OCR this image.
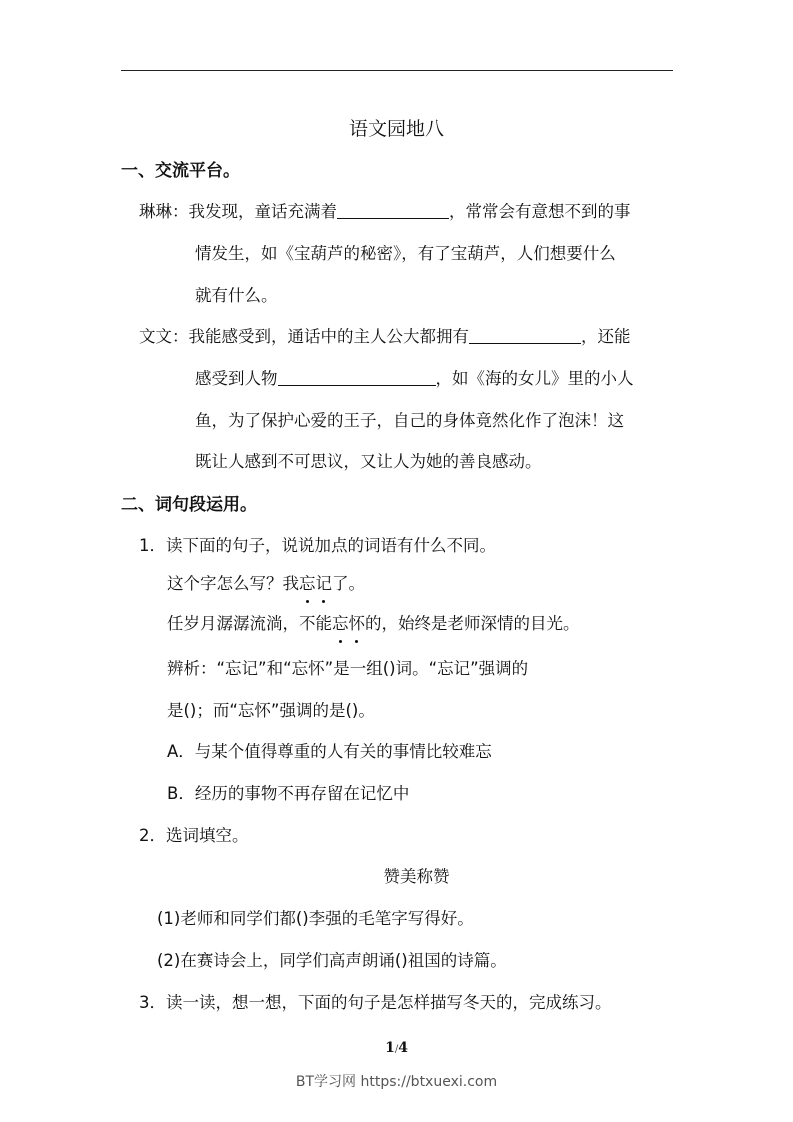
语文园地八
一、交流平台。
琳琳：我发现，童话充满着	，常常会有意想不到的事
情发生，如《宝葫芦的秘密》，有了宝葫芦，人们想要什么
就有什么。
文文：我能感受到，通话中的主人公大都拥有	，还能
感受到人物	，如《海的女儿》里的小人
鱼，为了保护心爱的王子，自己的身体竟然化作了泡沫！这
既让人感到不可思议，又让人为她的善良感动。
二、词句段运用。
1．读下面的句子，说说加点的词语有什么不同。
这个字怎么写？我忘记了。
任岁月潺潺流淌，不能忘怀的，始终是老师深情的目光。
辨析：“忘记”和“忘怀”是一组()词。“忘记”强调的
是()；而“忘怀”强调的是()。
A．与某个值得尊重的人有关的事情比较难忘
B．经历的事物不再存留在记忆中
2．选词填空。
赞美称赞
(1)老师和同学们都()李强的毛笔字写得好。
(2)在赛诗会上，同学们高声朗诵()祖国的诗篇。
3．读一读，想一想，下面的句子是怎样描写冬天的，完成练习。
1/4
BT学习网 https://btxuexi.com
